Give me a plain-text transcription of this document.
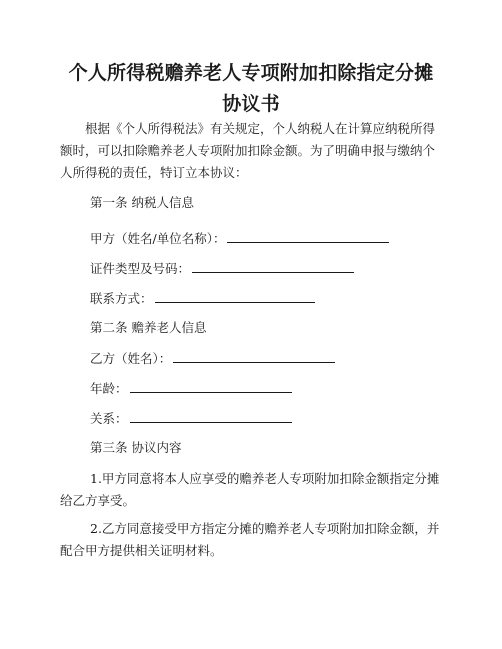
个人所得税赡养老人专项附加扣除指定分摊协议书
根据《个人所得税法》有关规定，个人纳税人在计算应纳税所得额时，可以扣除赡养老人专项附加扣除金额。为了明确申报与缴纳个人所得税的责任，特订立本协议：
第一条 纳税人信息
甲方（姓名/单位名称）：
证件类型及号码：
联系方式：
第二条 赡养老人信息
乙方（姓名）：
年龄：
关系：
第三条 协议内容
1.甲方同意将本人应享受的赡养老人专项附加扣除金额指定分摊给乙方享受。
2.乙方同意接受甲方指定分摊的赡养老人专项附加扣除金额，并配合甲方提供相关证明材料。
